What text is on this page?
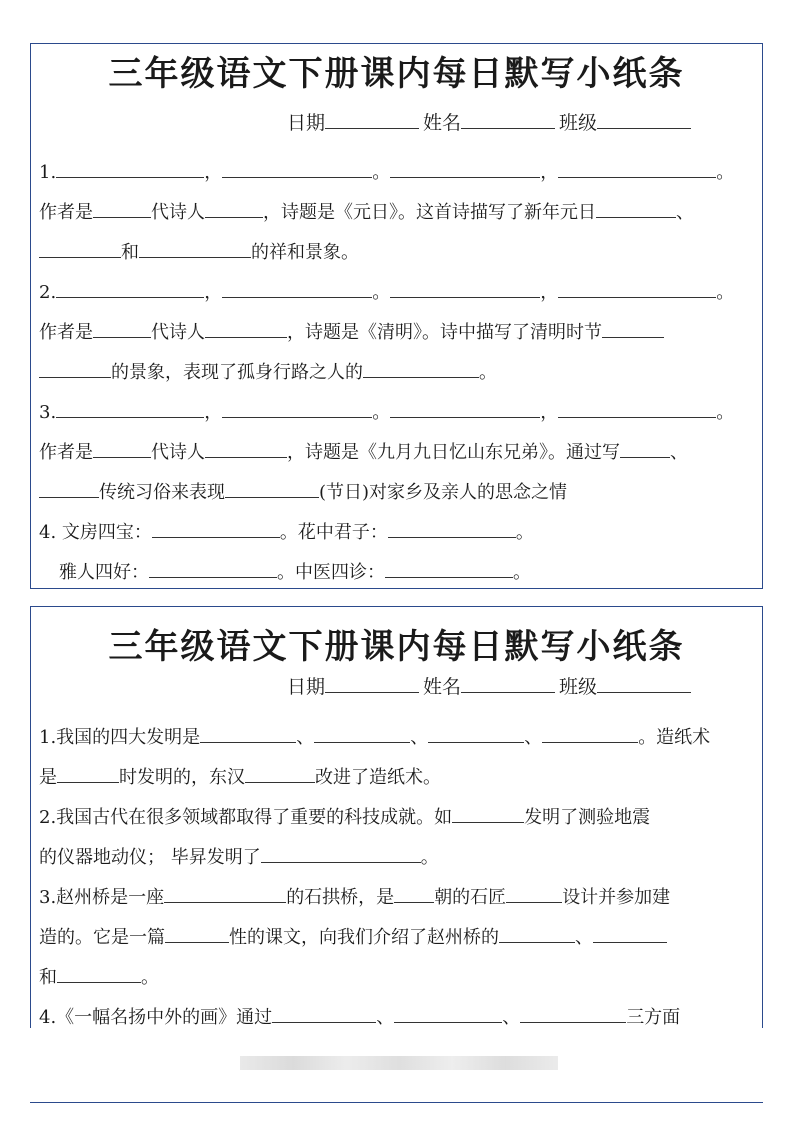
三年级语文下册课内每日默写小纸条
日期	姓名	班级
1.	，	。	，	。
作者是	代诗人	，诗题是《元日》。这首诗描写了新年元日	、
和	的祥和景象。
2.	，	。	，	。
作者是	代诗人	，诗题是《清明》。诗中描写了清明时节
的景象，表现了孤身行路之人的	。
3.	，	。	，	。
作者是	代诗人	，诗题是《九月九日忆山东兄弟》。通过写	、
传统习俗来表现	(节日)对家乡及亲人的思念之情
4. 文房四宝：	。花中君子：	。
雅人四好：	。中医四诊：	。
三年级语文下册课内每日默写小纸条
日期	姓名	班级
1.我国的四大发明是	、	、	、	。造纸术
是	时发明的，东汉	改进了造纸术。
2.我国古代在很多领域都取得了重要的科技成就。如	发明了测验地震
的仪器地动仪； 毕昇发明了	。
3.赵州桥是一座	的石拱桥，是 朝的石匠	设计并参加建
造的。它是一篇	性的课文，向我们介绍了赵州桥的	、
和	。
4.《一幅名扬中外的画》通过	、	、	三方面
